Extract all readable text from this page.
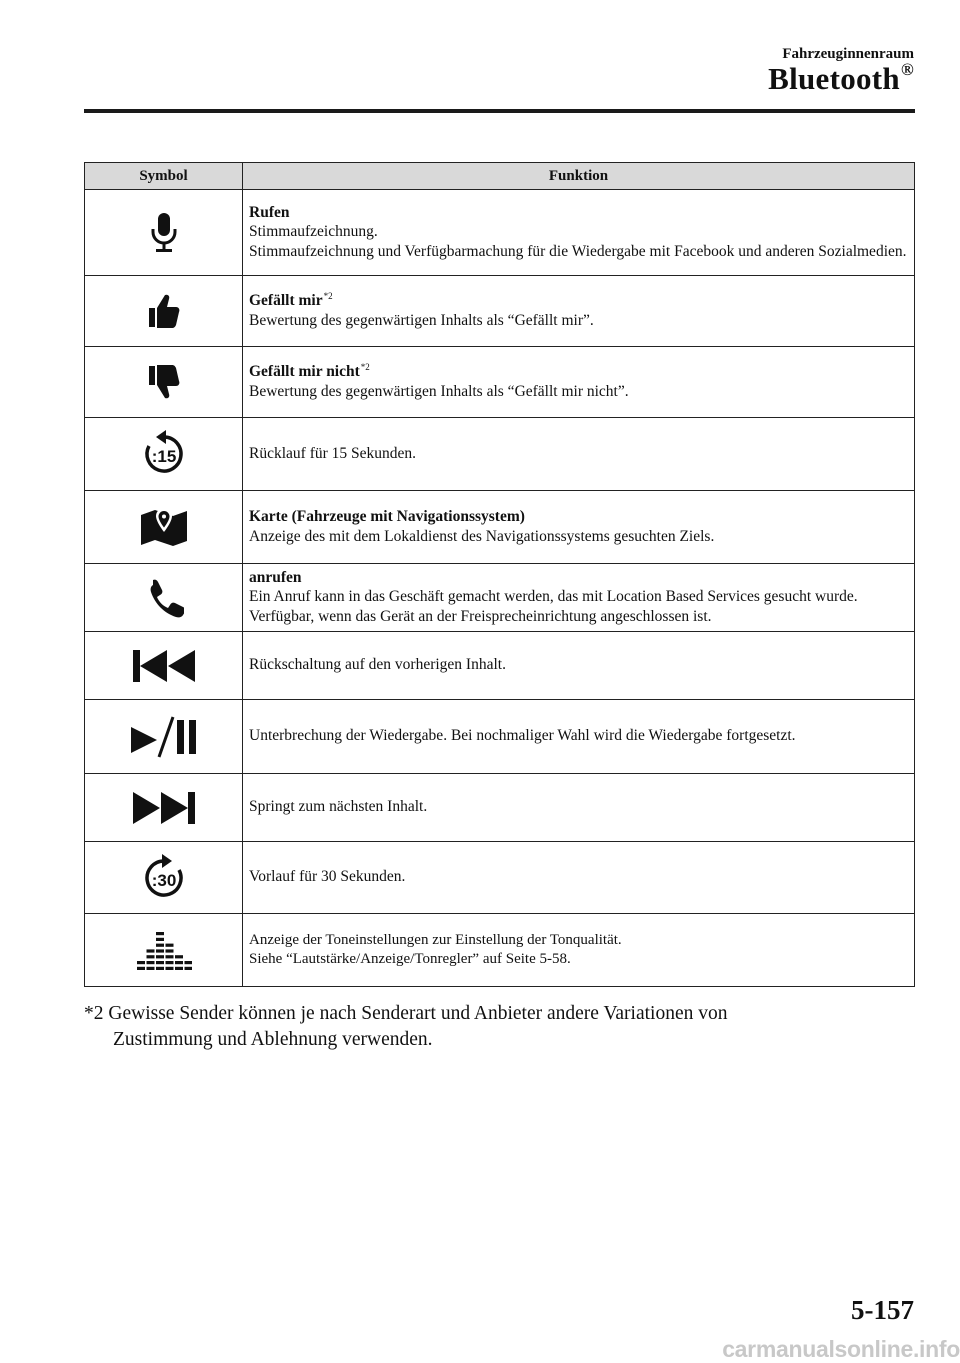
Fahrzeuginnenraum
Bluetooth®
Symbol	Funktion

Rufen
Stimmaufzeichnung.
Stimmaufzeichnung und Verfügbarmachung für die Wiedergabe mit Facebook und anderen Sozialmedien.

Gefällt mir$^{*2}$
Bewertung des gegenwärtigen Inhalts als “Gefällt mir”.

Gefällt mir nicht$^{*2}$
Bewertung des gegenwärtigen Inhalts als “Gefällt mir nicht”.

:15	Rücklauf für 15 Sekunden.

Karte (Fahrzeuge mit Navigationssystem)
Anzeige des mit dem Lokaldienst des Navigationssystems gesuchten Ziels.

anrufen
Ein Anruf kann in das Geschäft gemacht werden, das mit Location Based Services gesucht wurde. Verfügbar, wenn das Gerät an der Freisprecheinrichtung angeschlossen ist.

Rückschaltung auf den vorherigen Inhalt.

Unterbrechung der Wiedergabe. Bei nochmaliger Wahl wird die Wiedergabe fortgesetzt.

Springt zum nächsten Inhalt.

:30	Vorlauf für 30 Sekunden.

Anzeige der Toneinstellungen zur Einstellung der Tonqualität.
Siehe “Lautstärke/Anzeige/Tonregler” auf Seite 5-58.
*2 Gewisse Sender können je nach Senderart und Anbieter andere Variationen von
Zustimmung und Ablehnung verwenden.
5-157
carmanualsonline.info
